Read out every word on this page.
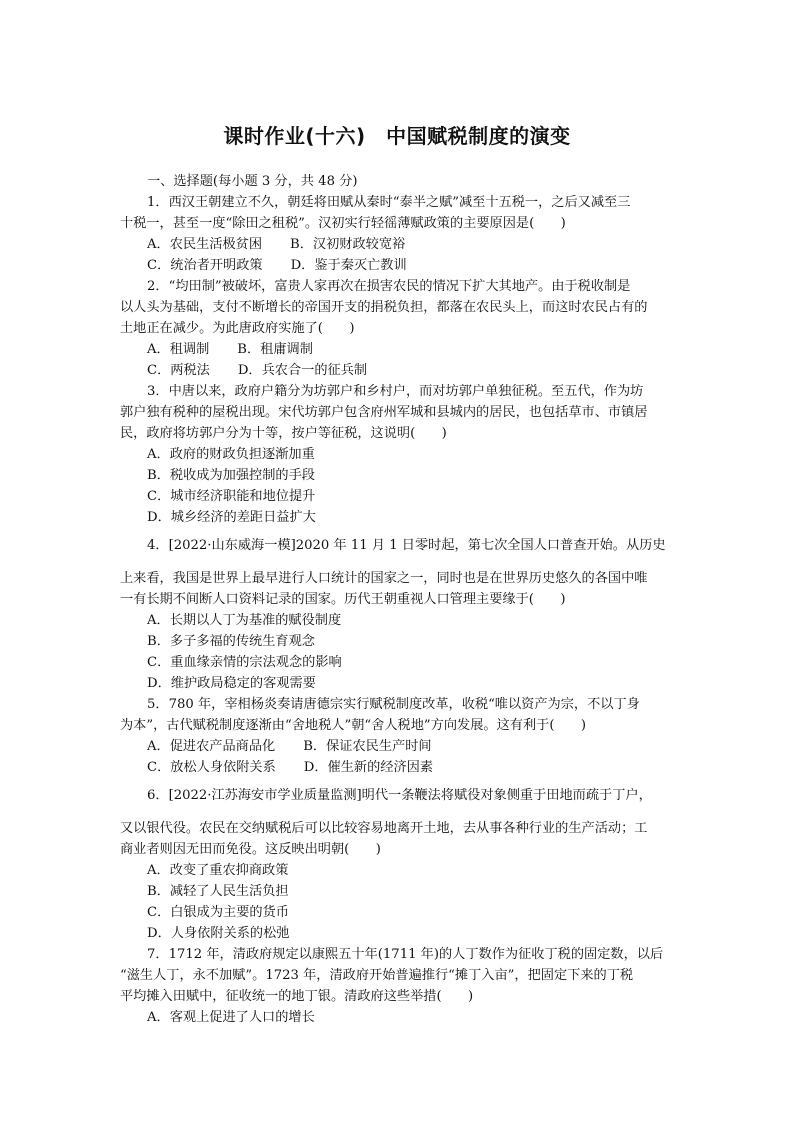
课时作业(十六)　中国赋税制度的演变
一、选择题(每小题 3 分，共 48 分)
1．西汉王朝建立不久，朝廷将田赋从秦时“泰半之赋”减至十五税一，之后又减至三
十税一，甚至一度“除田之租税”。汉初实行轻徭薄赋政策的主要原因是(　　)
A．农民生活极贫困 B．汉初财政较宽裕
C．统治者开明政策 D．鉴于秦灭亡教训
2．“均田制”被破坏，富贵人家再次在损害农民的情况下扩大其地产。由于税收制是
以人头为基础，支付不断增长的帝国开支的捐税负担，都落在农民头上，而这时农民占有的
土地正在减少。为此唐政府实施了(　　)
A．租调制 B．租庸调制
C．两税法 D．兵农合一的征兵制
3．中唐以来，政府户籍分为坊郭户和乡村户，而对坊郭户单独征税。至五代，作为坊
郭户独有税种的屋税出现。宋代坊郭户包含府州军城和县城内的居民，也包括草市、市镇居
民，政府将坊郭户分为十等，按户等征税，这说明(　　)
A．政府的财政负担逐渐加重
B．税收成为加强控制的手段
C．城市经济职能和地位提升
D．城乡经济的差距日益扩大
4．[2022·山东威海一模]2020 年 11 月 1 日零时起，第七次全国人口普查开始。从历史
上来看，我国是世界上最早进行人口统计的国家之一，同时也是在世界历史悠久的各国中唯
一有长期不间断人口资料记录的国家。历代王朝重视人口管理主要缘于(　　)
A．长期以人丁为基准的赋役制度
B．多子多福的传统生育观念
C．重血缘亲情的宗法观念的影响
D．维护政局稳定的客观需要
5．780 年，宰相杨炎奏请唐德宗实行赋税制度改革，收税“唯以资产为宗，不以丁身
为本”，古代赋税制度逐渐由“舍地税人”朝“舍人税地”方向发展。这有利于(　　)
A．促进农产品商品化 B．保证农民生产时间
C．放松人身依附关系 D．催生新的经济因素
6．[2022·江苏海安市学业质量监测]明代一条鞭法将赋役对象侧重于田地而疏于丁户，
又以银代役。农民在交纳赋税后可以比较容易地离开土地，去从事各种行业的生产活动；工
商业者则因无田而免役。这反映出明朝(　　)
A．改变了重农抑商政策
B．减轻了人民生活负担
C．白银成为主要的货币
D．人身依附关系的松弛
7．1712 年，清政府规定以康熙五十年(1711 年)的人丁数作为征收丁税的固定数，以后
“滋生人丁，永不加赋”。1723 年，清政府开始普遍推行“摊丁入亩”，把固定下来的丁税
平均摊入田赋中，征收统一的地丁银。清政府这些举措(　　)
A．客观上促进了人口的增长
